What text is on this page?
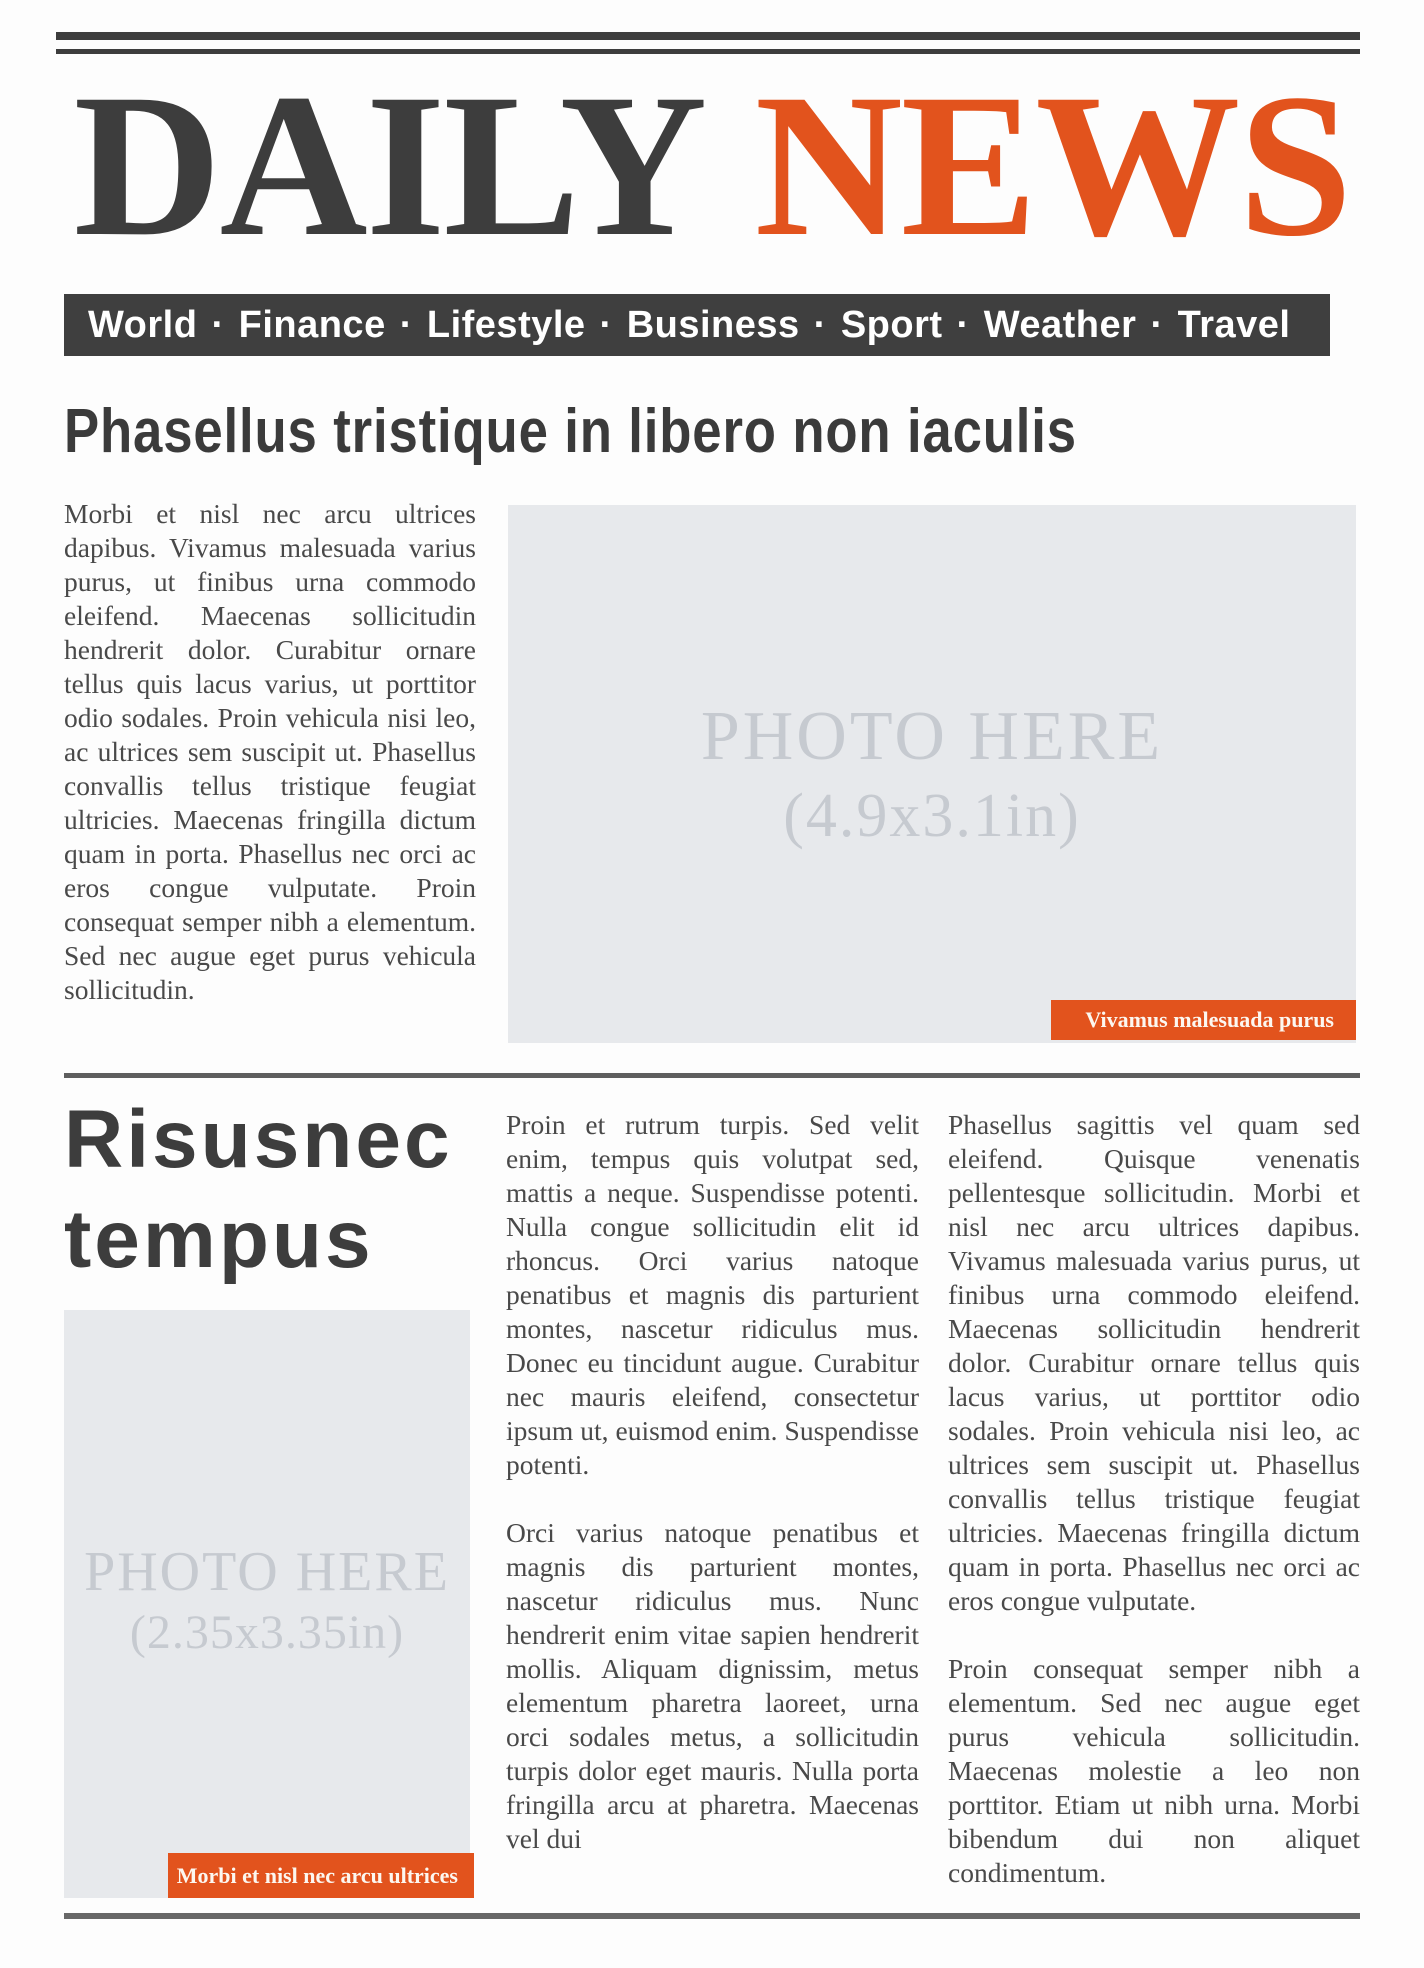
DAILY NEWS
World · Finance · Lifestyle · Business · Sport · Weather · Travel
Phasellus tristique in libero non iaculis

Morbi et nisl nec arcu ultrices dapibus. Vivamus malesuada varius purus, ut finibus urna commodo eleifend. Maecenas sollicitudin hendrerit dolor. Curabitur ornare tellus quis lacus varius, ut porttitor odio sodales. Proin vehicula nisi leo, ac ultrices sem suscipit ut. Phasellus convallis tellus tristique feugiat ultricies. Maecenas fringilla dictum quam in porta. Phasellus nec orci ac eros congue vulputate. Proin consequat semper nibh a elementum. Sed nec augue eget purus vehicula sollicitudin.

PHOTO HERE
(4.9x3.1in)
Vivamus malesuada purus
Risusnec
tempus
PHOTO HERE
(2.35x3.35in)
Morbi et nisl nec arcu ultrices

Proin et rutrum turpis. Sed velit enim, tempus quis volutpat sed, mattis a neque. Suspendisse potenti. Nulla congue sollicitudin elit id rhoncus. Orci varius natoque penatibus et magnis dis parturient montes, nascetur ridiculus mus. Donec eu tincidunt augue. Curabitur nec mauris eleifend, consectetur ipsum ut, euismod enim. Suspendisse potenti.

Orci varius natoque penatibus et magnis dis parturient montes, nascetur ridiculus mus. Nunc hendrerit enim vitae sapien hendrerit mollis. Aliquam dignissim, metus elementum pharetra laoreet, urna orci sodales metus, a sollicitudin turpis dolor eget mauris. Nulla porta fringilla arcu at pharetra. Maecenas vel dui

Phasellus sagittis vel quam sed eleifend. Quisque venenatis pellentesque sollicitudin. Morbi et nisl nec arcu ultrices dapibus. Vivamus malesuada varius purus, ut finibus urna commodo eleifend. Maecenas sollicitudin hendrerit dolor. Curabitur ornare tellus quis lacus varius, ut porttitor odio sodales. Proin vehicula nisi leo, ac ultrices sem suscipit ut. Phasellus convallis tellus tristique feugiat ultricies. Maecenas fringilla dictum quam in porta. Phasellus nec orci ac eros congue vulputate.

Proin consequat semper nibh a elementum. Sed nec augue eget purus vehicula sollicitudin. Maecenas molestie a leo non porttitor. Etiam ut nibh urna. Morbi bibendum dui non aliquet condimentum.
